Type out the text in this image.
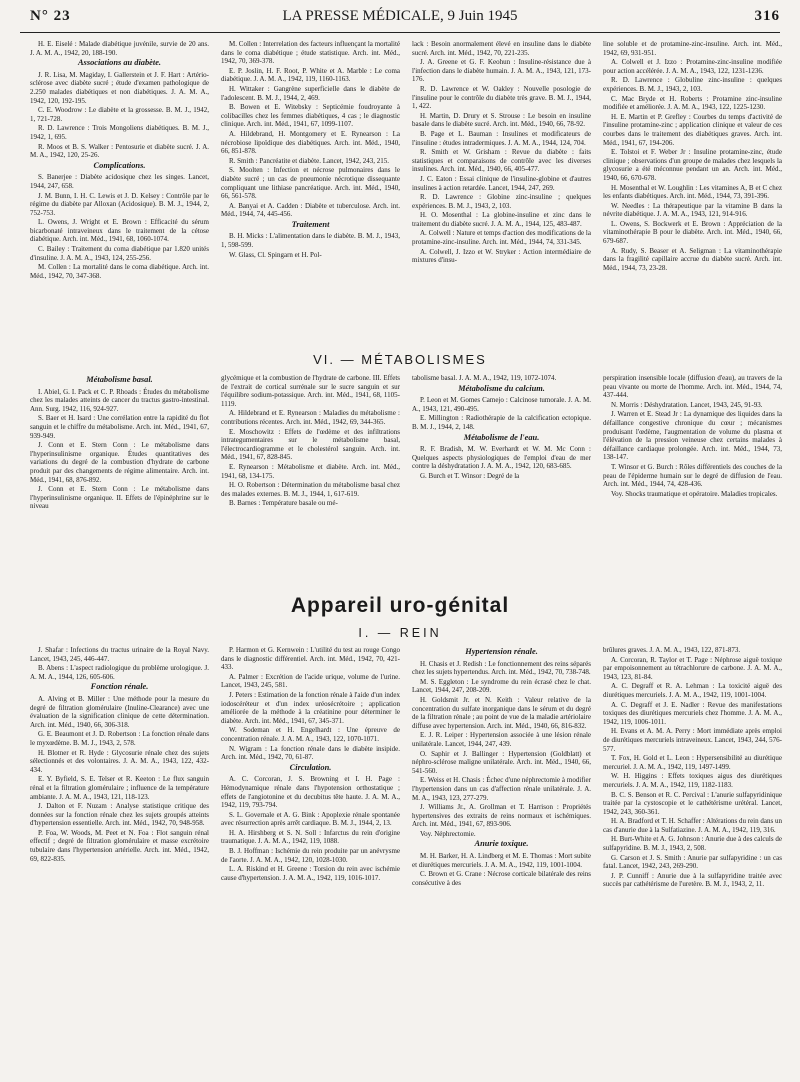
N° 23	LA PRESSE MÉDICALE, 9 Juin 1945	316

H. E. Eiselé : Malade diabétique juvénile, survie de 20 ans. J. A. M. A., 1942, 20, 188-190.

Associations au diabète.

J. R. Lisa, M. Magiday, I. Gallerstein et J. F. Hart : Artério-sclérose avec diabète sucré ; étude d'examen pathologique de 2.250 malades diabétiques et non diabétiques. J. A. M. A., 1942, 120, 192-195.

C. E. Woodrow : Le diabète et la grossesse. B. M. J., 1942, 1, 721-728.

R. D. Lawrence : Trois Mongoliens diabétiques. B. M. J., 1942, 1, 695.

R. Moos et B. S. Walker : Pentosurie et diabète sucré. J. A. M. A., 1942, 120, 25-26.

Complications.

S. Banerjee : Diabète acidosique chez les singes. Lancet, 1944, 247, 658.

J. M. Bunn, I. H. C. Lewis et J. D. Kelsey : Contrôle par le régime du diabète par Alloxan (Acidosique). B. M. J., 1944, 2, 752-753.

L. Owens, J. Wright et E. Brown : Efficacité du sérum bicarbonaté intraveineux dans le traitement de la cétose diabétique. Arch. int. Méd., 1941, 68, 1060-1074.

C. Bailey : Traitement du coma diabétique par 1.820 unités d'insuline. J. A. M. A., 1943, 124, 255-256.

M. Collen : La mortalité dans le coma diabétique. Arch. int. Méd., 1942, 70, 347-368.

M. Collen : Interrelation des facteurs influençant la mortalité dans le coma diabétique ; étude statistique. Arch. int. Méd., 1942, 70, 369-378.

E. P. Joslin, H. F. Root, P. White et A. Marble : Le coma diabétique. J. A. M. A., 1942, 119, 1160-1163.

H. Wittaker : Gangrène superficielle dans le diabète de l'adolescent. B. M. J., 1944, 2, 469.

B. Bowen et E. Witebsky : Septicémie foudroyante à colibacilles chez les femmes diabétiques, 4 cas ; le diagnostic clinique. Arch. int. Méd., 1941, 67, 1099-1107.

A. Hildebrand, H. Montgomery et E. Rynearson : La nécrobiose lipoïdique des diabétiques. Arch. int. Méd., 1940, 66, 851-878.

R. Smith : Pancréatite et diabète. Lancet, 1942, 243, 215.

S. Moolten : Infection et nécrose pulmonaires dans le diabète sucré ; un cas de pneumonie nécrotique dissequante compliquant une lithiase pancréatique. Arch. int. Méd., 1940, 66, 561-578.

A. Banyai et A. Cadden : Diabète et tuberculose. Arch. int. Méd., 1944, 74, 445-456.

Traitement

B. H. Micks : L'alimentation dans le diabète. B. M. J., 1943, 1, 598-599.

W. Glass, Cl. Spingarn et H. Pol-

lack : Besoin anormalement élevé en insuline dans le diabète sucré. Arch. int. Méd., 1942, 70, 221-235.

J. A. Greene et G. F. Keohun : Insuline-résistance due à l'infection dans le diabète humain. J. A. M. A., 1943, 121, 173-176.

R. D. Lawrence et W. Oakley : Nouvelle posologie de l'insuline pour le contrôle du diabète très grave. B. M. J., 1944, 1, 422.

H. Martin, D. Drury et S. Strouse : Le besoin en insuline basale dans le diabète sucré. Arch. int. Méd., 1940, 66, 78-92.

B. Page et L. Bauman : Insulines et modificateurs de l'insuline : études intradermiques. J. A. M. A., 1944, 124, 704.

R. Smith et W. Grisham : Revue du diabète : faits statistiques et comparaisons de contrôle avec les diverses insulines. Arch. int. Méd., 1940, 66, 405-477.

J. C. Eaton : Essai clinique de l'insuline-globine et d'autres insulines à action retardée. Lancet, 1944, 247, 269.

R. D. Lawrence : Globine zinc-insuline ; quelques expériences. B. M. J., 1943, 2, 103.

H. O. Mosenthal : La globine-insuline et zinc dans le traitement du diabète sucré. J. A. M. A., 1944, 125, 483-487.

A. Colwell : Nature et temps d'action des modifications de la protamine-zinc-insuline. Arch. int. Méd., 1944, 74, 331-345.

A. Colwell, J. Izzo et W. Stryker : Action intermédiaire de mixtures d'insu-

line soluble et de protamine-zinc-insuline. Arch. int. Méd., 1942, 69, 931-951.

A. Colwell et J. Izzo : Protamine-zinc-insuline modifiée pour action accélérée. J. A. M. A., 1943, 122, 1231-1236.

R. D. Lawrence : Globuline zinc-insuline : quelques expériences. B. M. J., 1943, 2, 103.

C. Mac Bryde et H. Roberts : Protamine zinc-insuline modifiée et améliorée. J. A. M. A., 1943, 122, 1225-1230.

H. E. Martin et P. Grefley : Courbes du temps d'activité de l'insuline protamine-zinc ; application clinique et valeur de ces courbes dans le traitement des diabétiques graves. Arch. int. Méd., 1941, 67, 194-206.

E. Tolstoi et F. Weber Jr : Insuline protamine-zinc, étude clinique ; observations d'un groupe de malades chez lesquels la glycosurie a été méconnue pendant un an. Arch. int. Méd., 1940, 66, 670-678.

H. Mosenthal et W. Loughlin : Les vitamines A, B et C chez les enfants diabétiques. Arch. int. Méd., 1944, 73, 391-396.

W. Needles : La thérapeutique par la vitamine B dans la névrite diabétique. J. A. M. A., 1943, 121, 914-916.

L. Owens, S. Bockwerk et E. Brown : Appréciation de la vitaminothérapie B pour le diabète. Arch. int. Méd., 1940, 66, 679-687.

A. Rudy, S. Beaser et A. Seligman : La vitaminothérapie dans la fragilité capillaire accrue du diabète sucré. Arch. int. Méd., 1944, 73, 23-28.

VI. — MÉTABOLISMES
Métabolisme basal.

I. Abiel, G. I. Pack et C. P. Rhoads : Études du métabolisme chez les malades atteints de cancer du tractus gastro-intestinal. Ann. Surg. 1942, 116, 924-927.

S. Baer et H. Isard : Une corrélation entre la rapidité du flot sanguin et le chiffre du métabolisme. Arch. int. Méd., 1941, 67, 939-949.

J. Conn et E. Stern Conn : Le métabolisme dans l'hyperinsulinisme organique. Études quantitatives des variations du degré de la combustion d'hydrate de carbone produit par des changements de régime alimentaire. Arch. int. Méd., 1941, 68, 876-892.

J. Conn et E. Stern Conn : Le métabolisme dans l'hyperinsulinisme organique. II. Effets de l'épinéphrine sur le niveau

glycémique et la combustion de l'hydrate de carbone. III. Effets de l'extrait de cortical surrénale sur le sucre sanguin et sur l'équilibre sodium-potassique. Arch. int. Méd., 1941, 68, 1105-1119.

A. Hildebrand et E. Rynearson : Maladies du métabolisme : contributions récentes. Arch. int. Méd., 1942, 69, 344-365.

E. Moschowitz : Effets de l'œdème et des infiltrations intrategumentaires sur le métabolisme basal, l'électrocardiogramme et le cholestérol sanguin. Arch. int. Méd., 1941, 67, 828-845.

E. Rynearson : Métabolisme et diabète. Arch. int. Méd., 1941, 68, 134-175.

H. O. Robertson : Détermination du métabolisme basal chez des malades externes. B. M. J., 1944, 1, 617-619.

B. Barnes : Température basale ou mé-

tabolisme basal. J. A. M. A., 1942, 119, 1072-1074.

Métabolisme du calcium.

P. Leon et M. Gomes Camejo : Calcinose tumorale. J. A. M. A., 1943, 121, 490-495.

E. Millington : Radiothérapie de la calcification ectopique. B. M. J., 1944, 2, 148.

Métabolisme de l'eau.

R. F. Bradish, M. W. Everhardt et W. M. Mc Conn : Quelques aspects physiologiques de l'emploi d'eau de mer contre la déshydratation J. A. M. A., 1942, 120, 683-685.

G. Burch et T. Winsor : Degré de la

perspiration insensible locale (diffusion d'eau), au travers de la peau vivante ou morte de l'homme. Arch. int. Méd., 1944, 74, 437-444.

N. Morris : Déshydratation. Lancet, 1943, 245, 91-93.

J. Warren et E. Stead Jr : La dynamique des liquides dans la défaillance congestive chronique du cœur ; mécanismes produisant l'œdème, l'augmentation de volume du plasma et l'élévation de la pression veineuse chez certains malades à défaillance cardiaque prolongée. Arch. int. Méd., 1944, 73, 138-147.

T. Winsor et G. Burch : Rôles différentiels des couches de la peau de l'épiderme humain sur le degré de diffusion de l'eau. Arch. int. Méd., 1944, 74, 428-436.

Voy. Shocks traumatique et opératoire. Maladies tropicales.

Appareil uro-génital
I. — REIN

J. Shafar : Infections du tractus urinaire de la Royal Navy. Lancet, 1943, 245, 446-447.

B. Abens : L'aspect radiologique du problème urologique. J. A. M. A., 1944, 126, 605-606.

Fonction rénale.

A. Alving et B. Miller : Une méthode pour la mesure du degré de filtration glomérulaire (Inuline-Clearance) avec une évaluation de la signification clinique de cette détermination. Arch. int. Méd., 1940, 66, 306-318.

G. E. Beaumont et J. D. Robertson : La fonction rénale dans le myxœdème. B. M. J., 1943, 2, 578.

H. Blotner et R. Hyde : Glycosurie rénale chez des sujets sélectionnés et des volontaires. J. A. M. A., 1943, 122, 432-434.

E. Y. Byfield, S. E. Telser et R. Keeton : Le flux sanguin rénal et la filtration glomérulaire ; influence de la température ambiante. J. A. M. A., 1943, 121, 118-123.

J. Dalton et F. Nuzam : Analyse statistique critique des données sur la fonction rénale chez les sujets groupés atteints d'hypertension essentielle. Arch. int. Méd., 1942, 70, 948-958.

P. Foa, W. Woods, M. Peet et N. Foa : Flot sanguin rénal effectif ; degré de filtration glomérulaire et masse excrétoire tubulaire dans l'hypertension artérielle. Arch. int. Méd., 1942, 69, 822-835.

P. Harmon et G. Kernwein : L'utilité du test au rouge Congo dans le diagnostic différentiel. Arch. int. Méd., 1942, 70, 421-433.

A. Palmer : Excrétion de l'acide urique, volume de l'urine. Lancet, 1943, 245, 581.

J. Peters : Estimation de la fonction rénale à l'aide d'un index iodoscéréteur et d'un index uréosécrétoire ; application améliorée de la méthode à la créatinine pour déterminer le diabète. Arch. int. Méd., 1941, 67, 345-371.

W. Sodeman et H. Engelhardt : Une épreuve de concentration rénale. J. A. M. A., 1943, 122, 1070-1071.

N. Wigram : La fonction rénale dans le diabète insipide. Arch. int. Méd., 1942, 70, 61-87.

Circulation.

A. C. Corcoran, J. S. Browning et I. H. Page : Hémodynamique rénale dans l'hypotension orthostatique ; effets de l'angiotonine et du decubitus tête haute. J. A. M. A., 1942, 119, 793-794.

S. L. Governale et A. G. Bink : Apoplexie rénale spontanée avec résurrection après arrêt cardiaque. B. M. J., 1944, 2, 13.

H. A. Hirshberg et S. N. Soll : Infarctus du rein d'origine traumatique. J. A. M. A., 1942, 119, 1088.

B. J. Hoffman : Ischémie du rein produite par un anévrysme de l'aorte. J. A. M. A., 1942, 120, 1028-1030.

L. A. Riskind et H. Greene : Torsion du rein avec ischémie cause d'hypertension. J. A. M. A., 1942, 119, 1016-1017.

Hypertension rénale.

H. Chasis et J. Redish : Le fonctionnement des reins séparés chez les sujets hypertendus. Arch. int. Méd., 1942, 70, 738-748.

M. S. Eggleton : Le syndrome du rein écrasé chez le chat. Lancet, 1944, 247, 208-209.

H. Goldsmit Jr. et N. Keith : Valeur relative de la concentration du sulfate inorganique dans le sérum et du degré de la filtration rénale ; au point de vue de la maladie artériolaire diffuse avec hypertension. Arch. int. Méd., 1940, 66, 816-832.

E. J. R. Leiper : Hypertension associée à une lésion rénale unilatérale. Lancet, 1944, 247, 439.

O. Saphir et J. Ballinger : Hypertension (Goldblatt) et néphro-sclérose maligne unilatérale. Arch. int. Méd., 1940, 66, 541-560.

E. Weiss et H. Chasis : Échec d'une néphrectomie à modifier l'hypertension dans un cas d'affection rénale unilatérale. J. A. M. A., 1943, 123, 277-279.

J. Williams Jr., A. Grollman et T. Harrison : Propriétés hypertensives des extraits de reins normaux et ischémiques. Arch. int. Méd., 1941, 67, 893-906.

Voy. Néphrectomie.

Anurie toxique.

M. H. Barker, H. A. Lindberg et M. E. Thomas : Mort subite et diurétiques mercuriels. J. A. M. A., 1942, 119, 1001-1004.

C. Brown et G. Crane : Nécrose corticale bilatérale des reins consécutive à des

brûlures graves. J. A. M. A., 1943, 122, 871-873.

A. Corcoran, R. Taylor et T. Page : Néphrose aiguë toxique par empoisonnement au tétrachlorure de carbone. J. A. M. A., 1943, 123, 81-84.

A. C. Degraff et R. A. Lehman : La toxicité aiguë des diurétiques mercuriels. J. A. M. A., 1942, 119, 1001-1004.

A. C. Degraff et J. E. Nadler : Revue des manifestations toxiques des diurétiques mercuriels chez l'homme. J. A. M. A., 1942, 119, 1006-1011.

H. Evans et A. M. A. Perry : Mort immédiate après emploi de diurétiques mercuriels intraveineux. Lancet, 1943, 244, 576-577.

T. Fox, H. Gold et L. Leon : Hypersensibilité au diurétique mercuriel. J. A. M. A., 1942, 119, 1497-1499.

W. H. Higgins : Effets toxiques aigus des diurétiques mercuriels. J. A. M. A., 1942, 119, 1182-1183.

B. C. S. Benson et R. C. Percival : L'anurie sulfapyridinique traitée par la cystoscopie et le cathétérisme urétéral. Lancet, 1942, 243, 360-361.

H. A. Bradford et T. H. Schaffer : Altérations du rein dans un cas d'anurie due à la Sulfatiazine. J. A. M. A., 1942, 119, 316.

H. Burt-White et A. G. Johnson : Anurie due à des calculs de sulfapyridine. B. M. J., 1943, 2, 508.

G. Carson et J. S. Smith : Anurie par sulfapyridine : un cas fatal. Lancet, 1942, 243, 269-290.

J. P. Cunniff : Anurie due à la sulfapyridine traitée avec succès par cathétérisme de l'uretère. B. M. J., 1943, 2, 11.
